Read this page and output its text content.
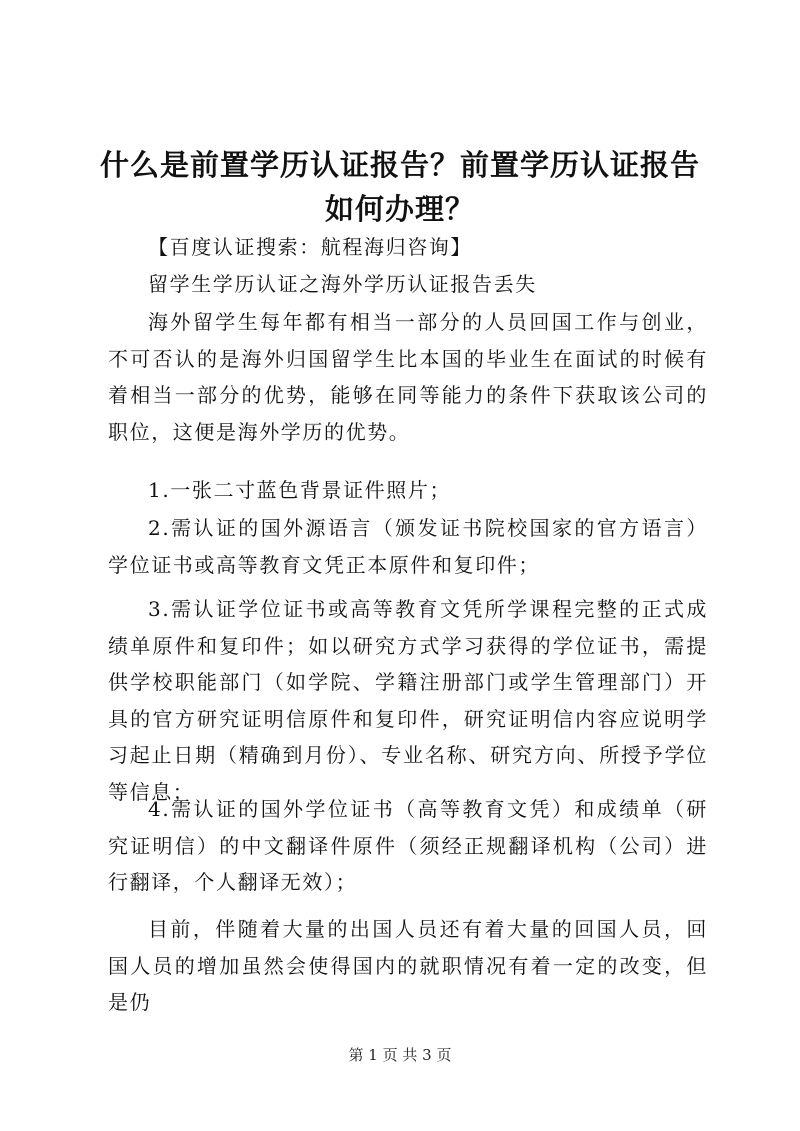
什么是前置学历认证报告？前置学历认证报告
如何办理？

【百度认证搜索：航程海归咨询】

留学生学历认证之海外学历认证报告丢失

海外留学生每年都有相当一部分的人员回国工作与创业，不可否认的是海外归国留学生比本国的毕业生在面试的时候有着相当一部分的优势，能够在同等能力的条件下获取该公司的职位，这便是海外学历的优势。

1.一张二寸蓝色背景证件照片；

2.需认证的国外源语言（颁发证书院校国家的官方语言）学位证书或高等教育文凭正本原件和复印件；

3.需认证学位证书或高等教育文凭所学课程完整的正式成绩单原件和复印件；如以研究方式学习获得的学位证书，需提供学校职能部门（如学院、学籍注册部门或学生管理部门）开具的官方研究证明信原件和复印件，研究证明信内容应说明学习起止日期（精确到月份）、专业名称、研究方向、所授予学位等信息；

4.需认证的国外学位证书（高等教育文凭）和成绩单（研究证明信）的中文翻译件原件（须经正规翻译机构（公司）进行翻译，个人翻译无效）；

目前，伴随着大量的出国人员还有着大量的回国人员，回国人员的增加虽然会使得国内的就职情况有着一定的改变，但是仍

第 1 页 共 3 页
